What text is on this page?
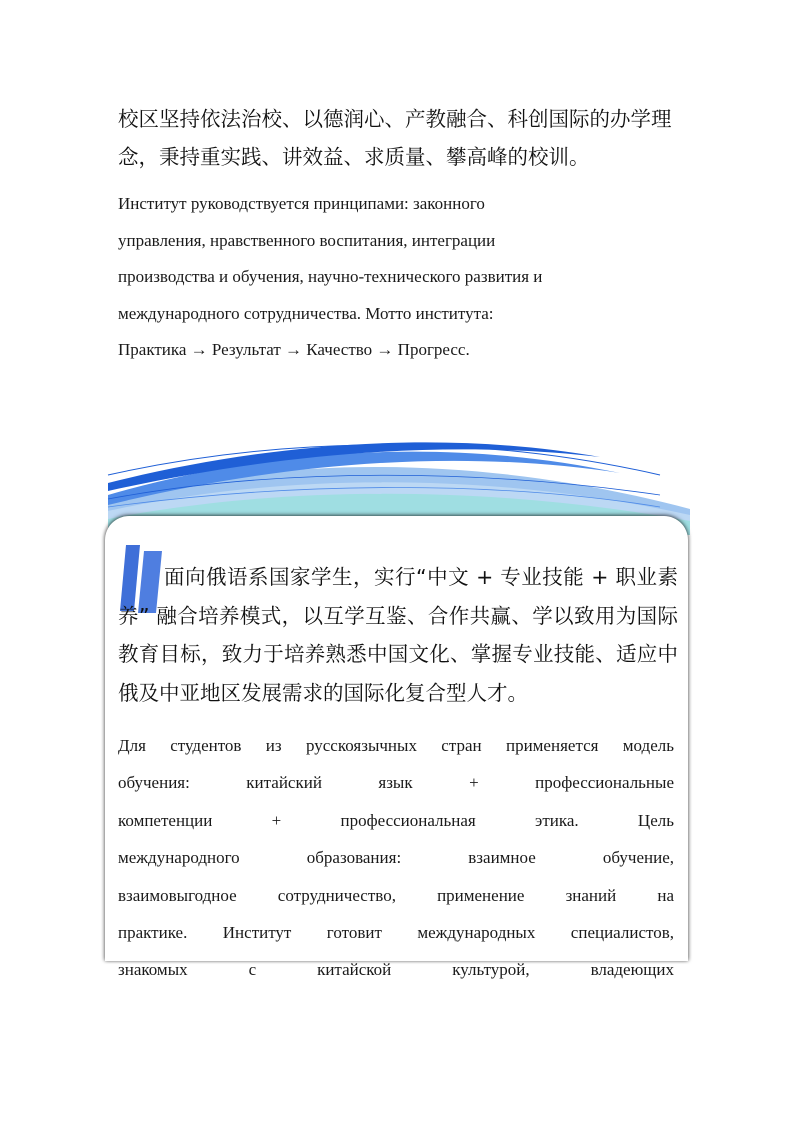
校区坚持依法治校、以德润心、产教融合、科创国际的办学理念，秉持重实践、讲效益、求质量、攀高峰的校训。

Институт руководствуется принципами: законного
управления, нравственного воспитания, интеграции
производства и обучения, научно-технического развития и
международного сотрудничества. Мотто института:
Практика → Результат → Качество → Прогресс.

面向俄语系国家学生，实行“中文 + 专业技能 + 职业素养” 融合培养模式，以互学互鉴、合作共赢、学以致用为国际教育目标，致力于培养熟悉中国文化、掌握专业技能、适应中俄及中亚地区发展需求的国际化复合型人才。

Для студентов из русскоязычных стран применяется модель
обучения: китайский язык + профессиональные
компетенции + профессиональная этика. Цель
международного образования: взаимное обучение,
взаимовыгодное сотрудничество, применение знаний на
практике. Институт готовит международных специалистов,
знакомых с китайской культурой, владеющих
